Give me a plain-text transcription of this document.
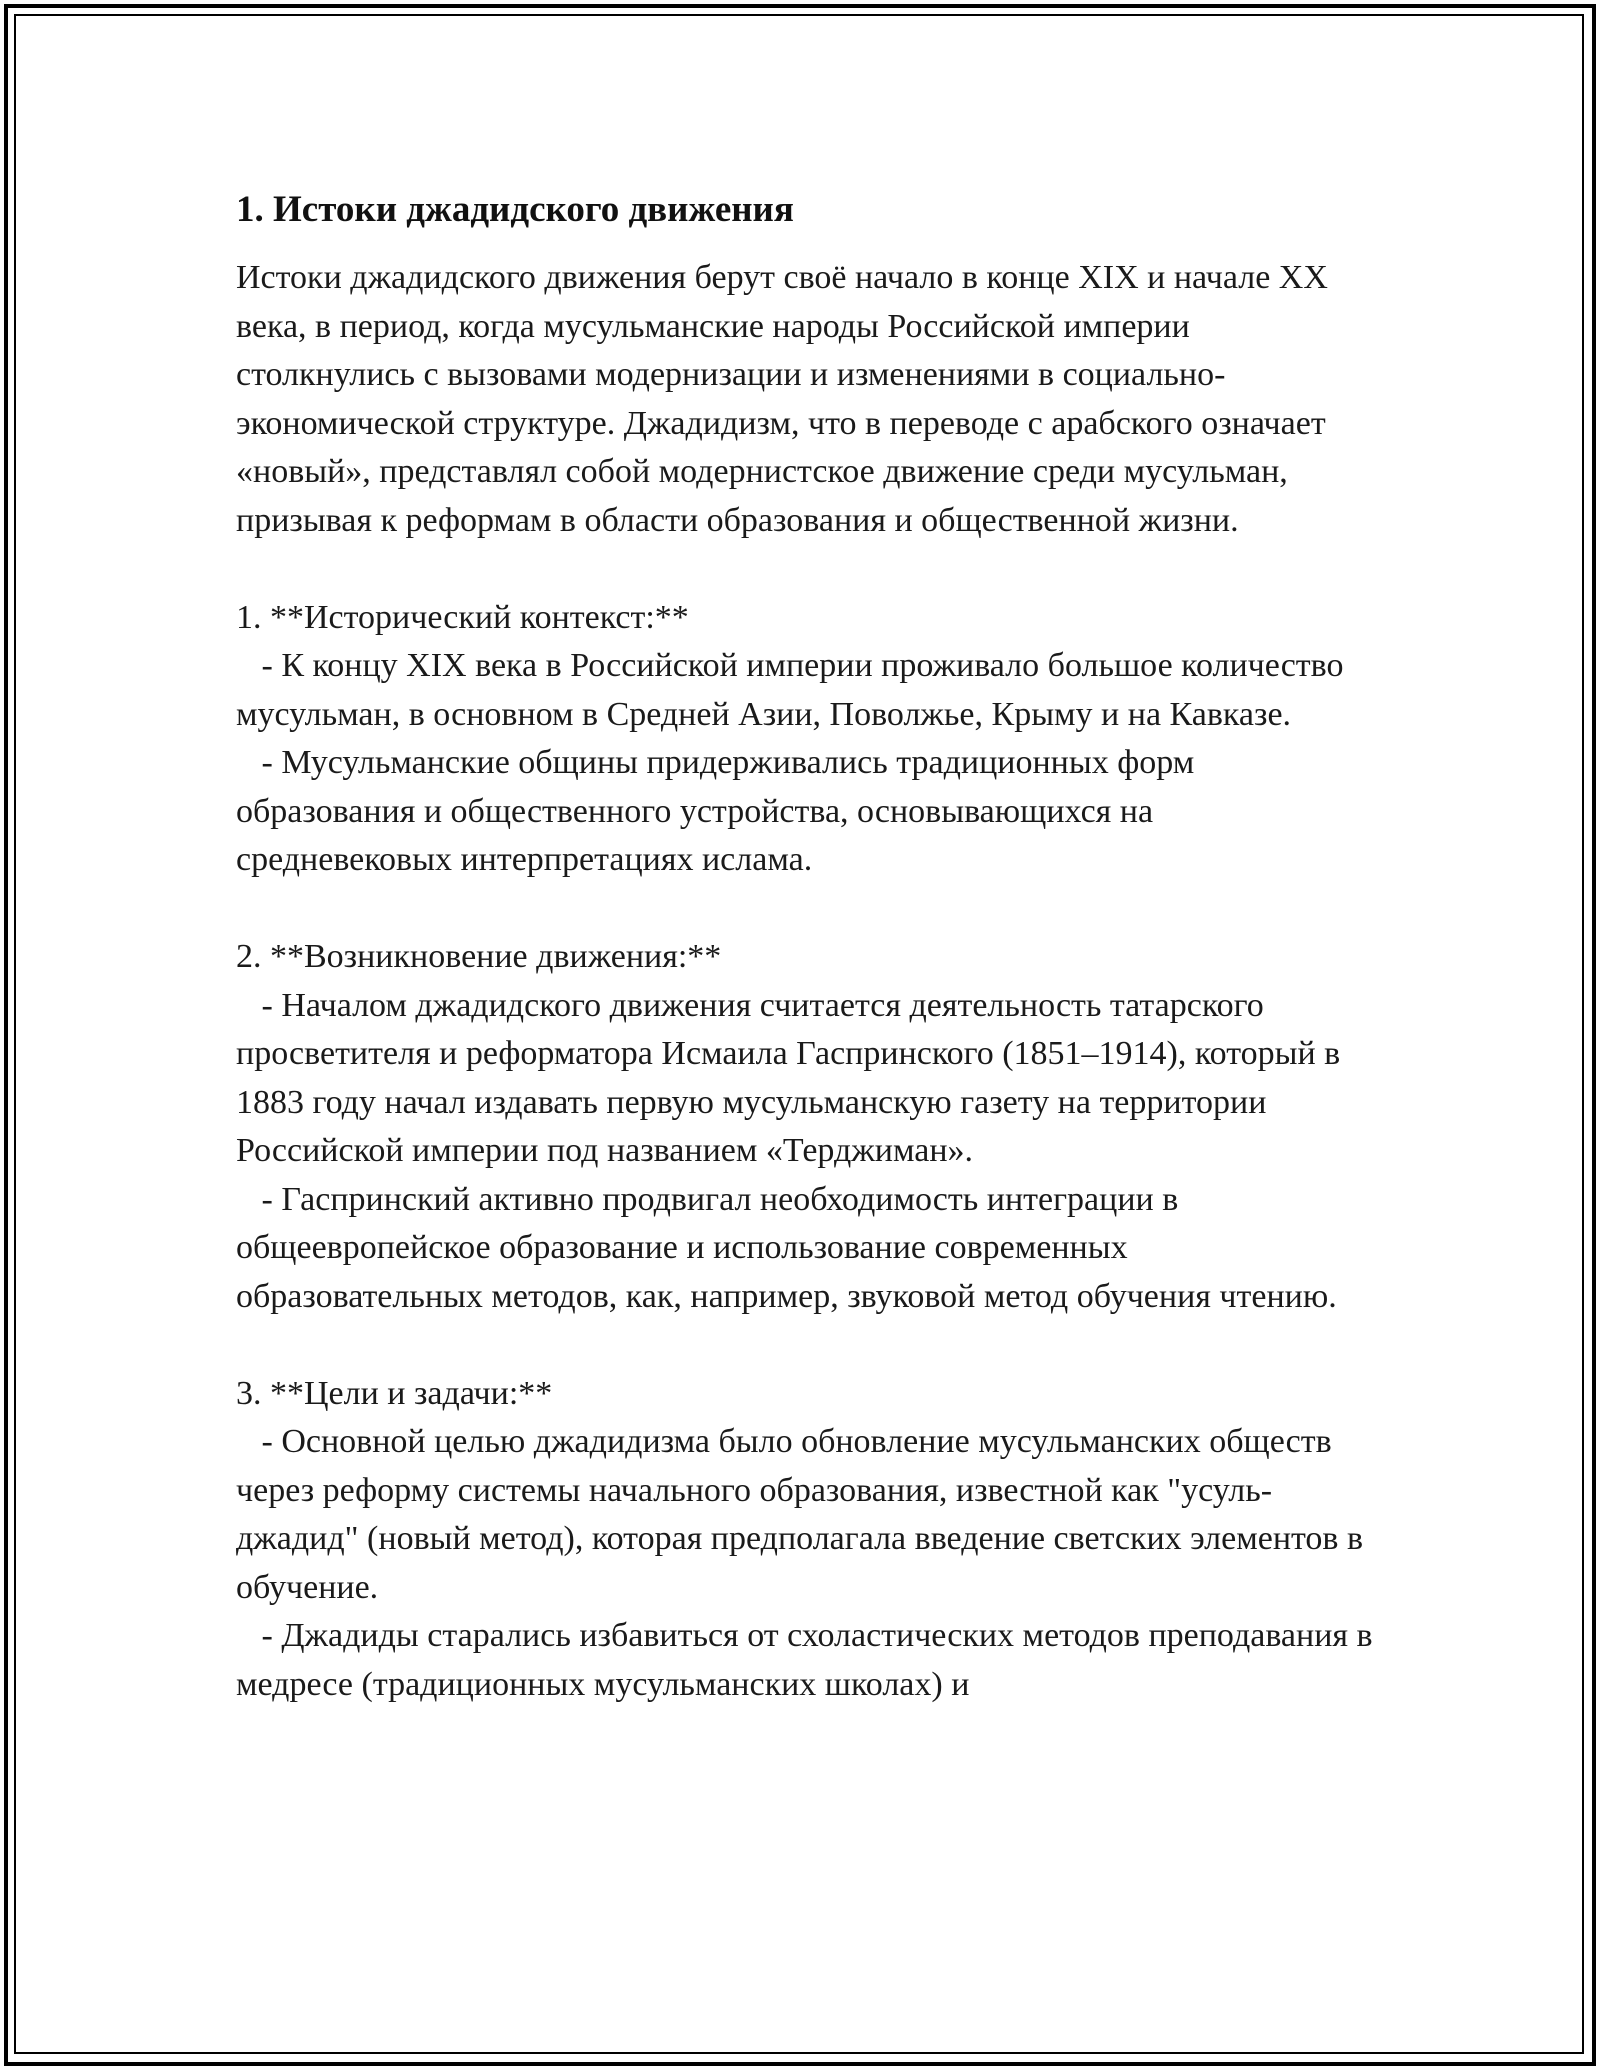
1. Истоки джадидского движения

Истоки джадидского движения берут своё начало в конце XIX и начале XX века, в период, когда мусульманские народы Российской империи столкнулись с вызовами модернизации и изменениями в социально-экономической структуре. Джадидизм, что в переводе с арабского означает «новый», представлял собой модернистское движение среди мусульман, призывая к реформам в области образования и общественной жизни.

1. **Исторический контекст:**

- К концу XIX века в Российской империи проживало большое количество мусульман, в основном в Средней Азии, Поволжье, Крыму и на Кавказе.

- Мусульманские общины придерживались традиционных форм образования и общественного устройства, основывающихся на средневековых интерпретациях ислама.

2. **Возникновение движения:**

- Началом джадидского движения считается деятельность татарского просветителя и реформатора Исмаила Гаспринского (1851–1914), который в 1883 году начал издавать первую мусульманскую газету на территории Российской империи под названием «Терджиман».

- Гаспринский активно продвигал необходимость интеграции в общеевропейское образование и использование современных образовательных методов, как, например, звуковой метод обучения чтению.

3. **Цели и задачи:**

- Основной целью джадидизма было обновление мусульманских обществ через реформу системы начального образования, известной как "усуль-джадид" (новый метод), которая предполагала введение светских элементов в обучение.

- Джадиды старались избавиться от схоластических методов преподавания в медресе (традиционных мусульманских школах) и
